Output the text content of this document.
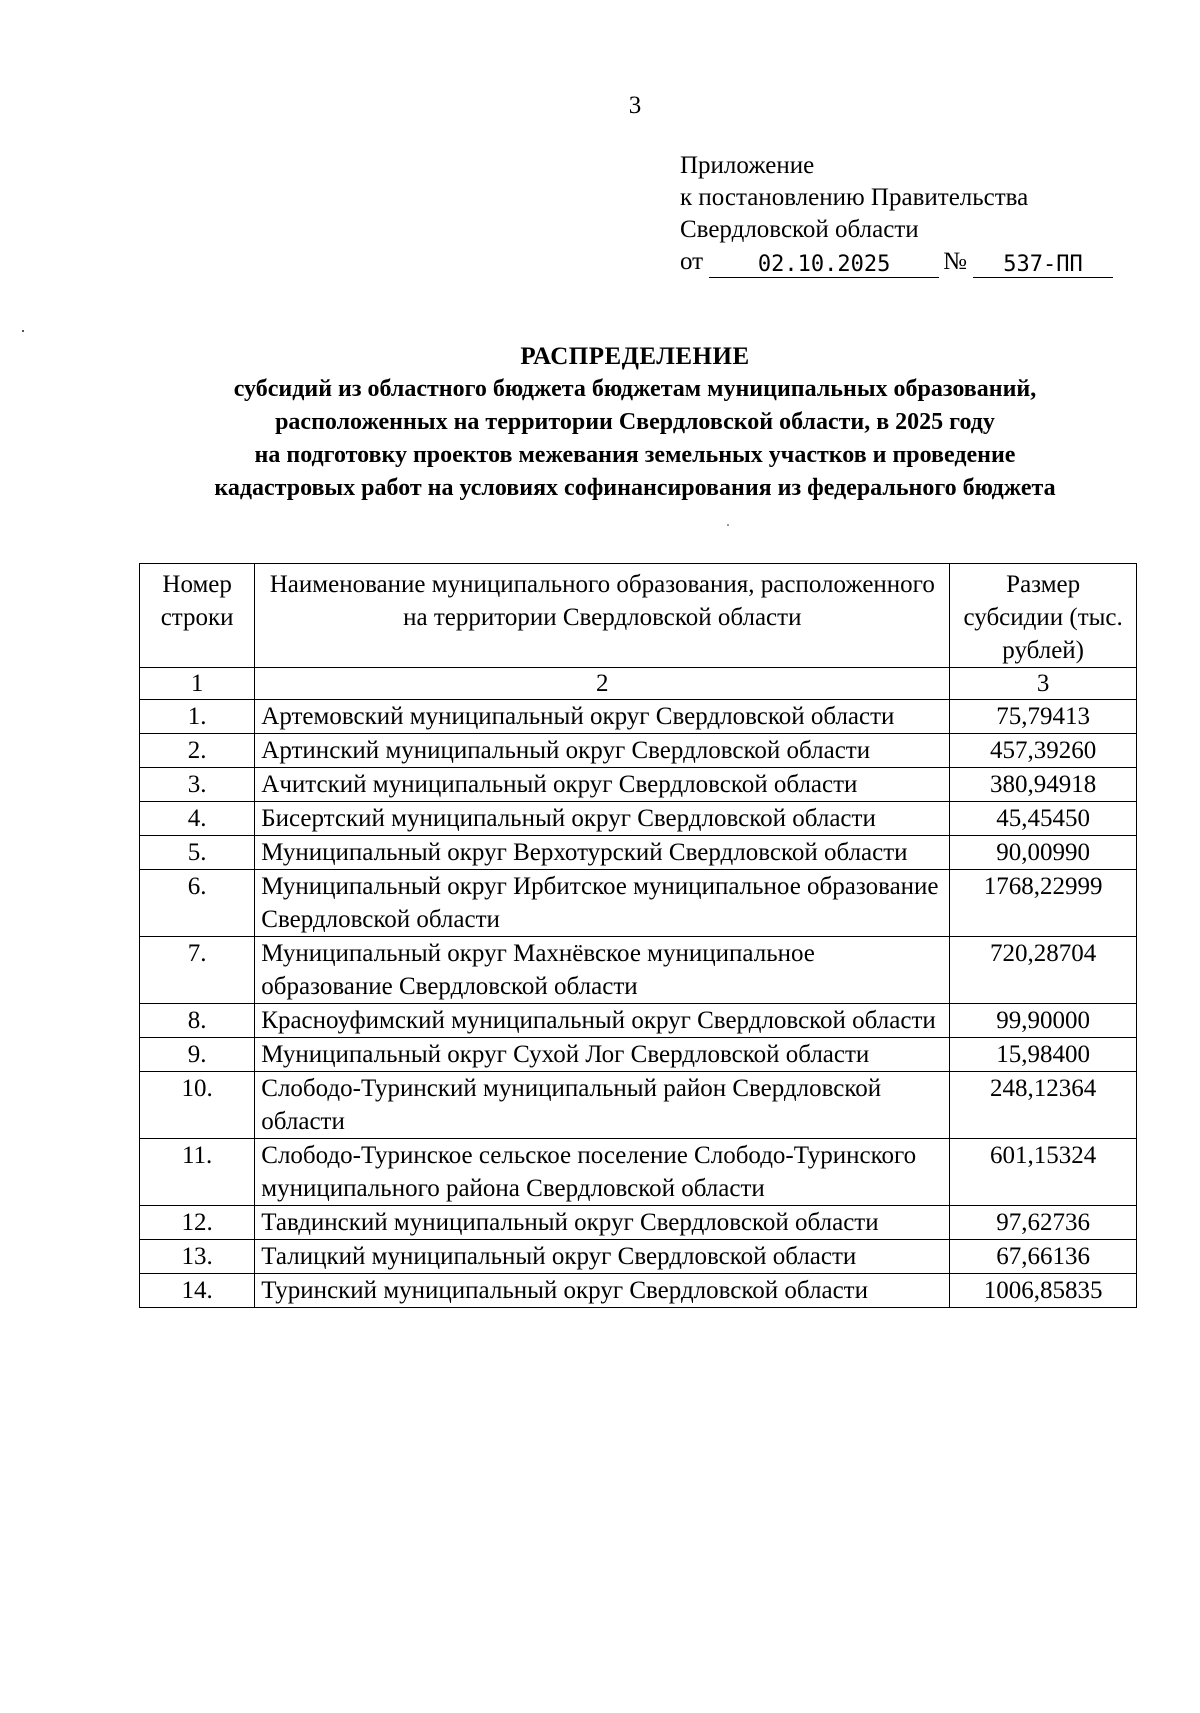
3
Приложение
к постановлению Правительства
Свердловской области
от	02.10.2025	№	537-ПП
РАСПРЕДЕЛЕНИЕ
субсидий из областного бюджета бюджетам муниципальных образований,
расположенных на территории Свердловской области, в 2025 году
на подготовку проектов межевания земельных участков и проведение
кадастровых работ на условиях софинансирования из федерального бюджета
Номер строки	Наименование муниципального образования, расположенного на территории Свердловской области	Размер субсидии (тыс. рублей)
1	2	3
1.	Артемовский муниципальный округ Свердловской области	75,79413
2.	Артинский муниципальный округ Свердловской области	457,39260
3.	Ачитский муниципальный округ Свердловской области	380,94918
4.	Бисертский муниципальный округ Свердловской области	45,45450
5.	Муниципальный округ Верхотурский Свердловской области	90,00990
6.	Муниципальный округ Ирбитское муниципальное образование Свердловской области	1768,22999
7.	Муниципальный округ Махнёвское муниципальное образование Свердловской области	720,28704
8.	Красноуфимский муниципальный округ Свердловской области	99,90000
9.	Муниципальный округ Сухой Лог Свердловской области	15,98400
10.	Слободо-Туринский муниципальный район Свердловской области	248,12364
11.	Слободо-Туринское сельское поселение Слободо-Туринского муниципального района Свердловской области	601,15324
12.	Тавдинский муниципальный округ Свердловской области	97,62736
13.	Талицкий муниципальный округ Свердловской области	67,66136
14.	Туринский муниципальный округ Свердловской области	1006,85835
